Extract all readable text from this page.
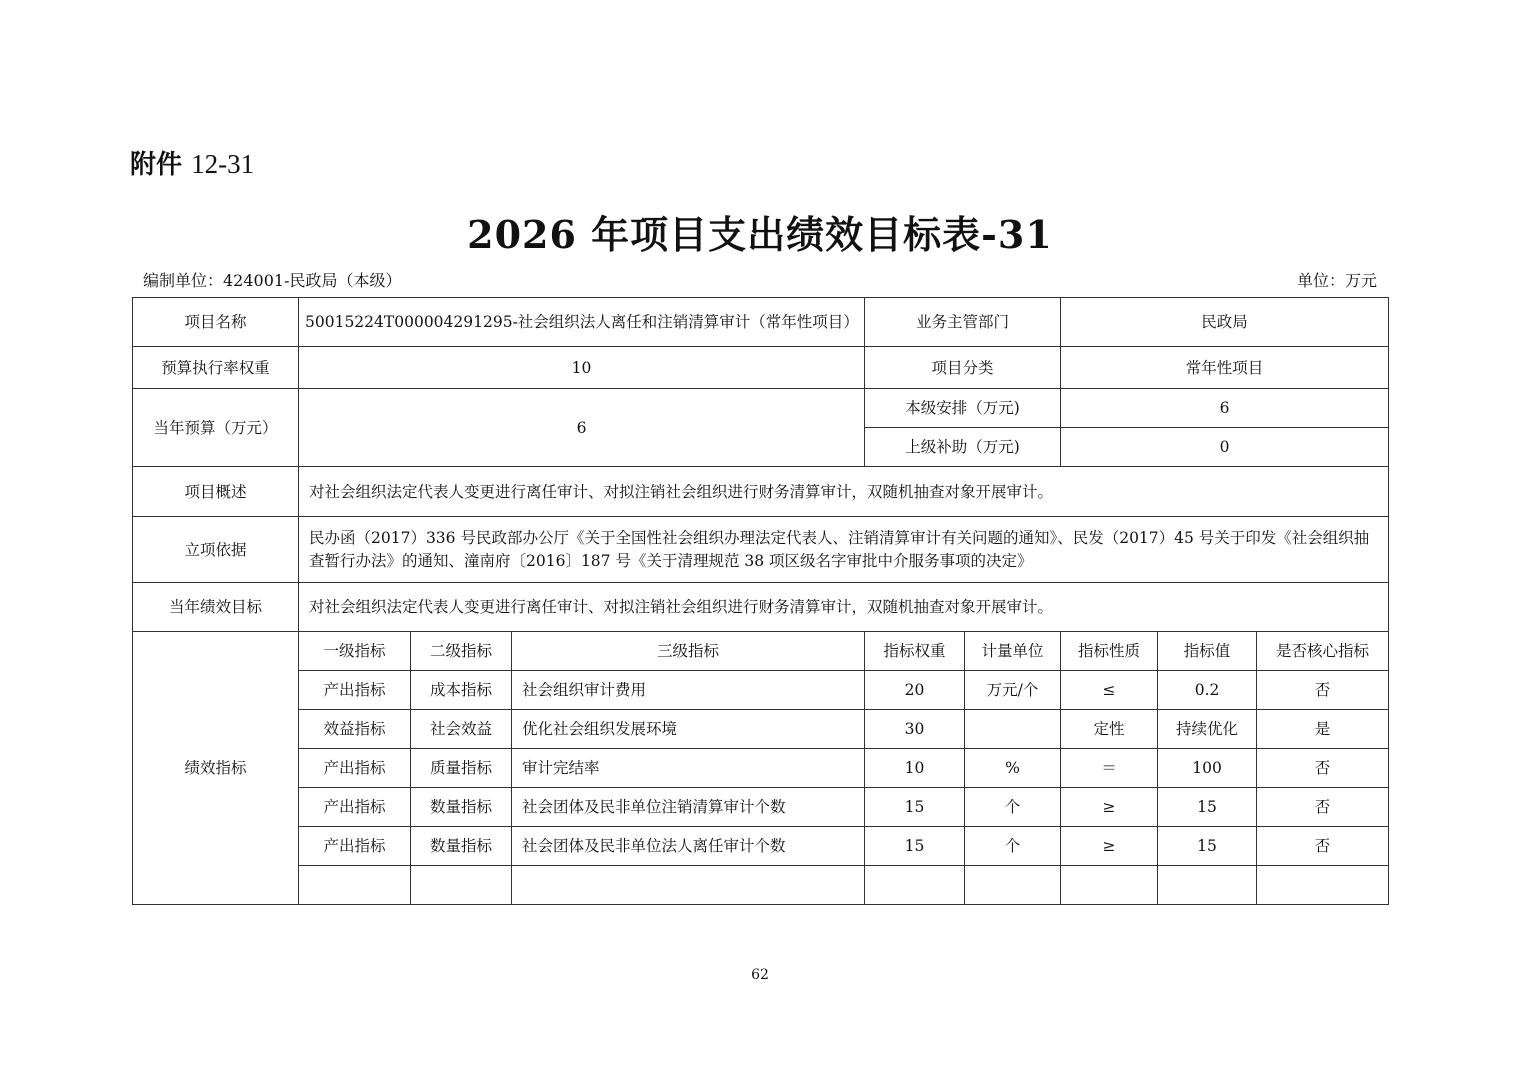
附件 12-31
2026 年项目支出绩效目标表-31
编制单位：424001-民政局（本级）	单位：万元
项目名称	50015224T000004291295-社会组织法人离任和注销清算审计（常年性项目）			业务主管部门		民政局		
预算执行率权重	10			项目分类		常年性项目		
当年预算（万元）	6			本级安排（万元)		6		
				上级补助（万元)		0		
项目概述	对社会组织法定代表人变更进行离任审计、对拟注销社会组织进行财务清算审计，双随机抽查对象开展审计。							
立项依据	民办函（2017）336 号民政部办公厅《关于全国性社会组织办理法定代表人、注销清算审计有关问题的通知》、民发（2017）45 号关于印发《社会组织抽查暂行办法》的通知、潼南府〔2016〕187 号《关于清理规范 38 项区级名字审批中介服务事项的决定》							
当年绩效目标	对社会组织法定代表人变更进行离任审计、对拟注销社会组织进行财务清算审计，双随机抽查对象开展审计。							
绩效指标	一级指标	二级指标	三级指标	指标权重	计量单位	指标性质	指标值	是否核心指标
	产出指标	成本指标	社会组织审计费用	20	万元/个	≤	0.2	否
	效益指标	社会效益	优化社会组织发展环境	30		定性	持续优化	是
	产出指标	质量指标	审计完结率	10	%	＝	100	否
	产出指标	数量指标	社会团体及民非单位注销清算审计个数	15	个	≥	15	否
	产出指标	数量指标	社会团体及民非单位法人离任审计个数	15	个	≥	15	否

62
